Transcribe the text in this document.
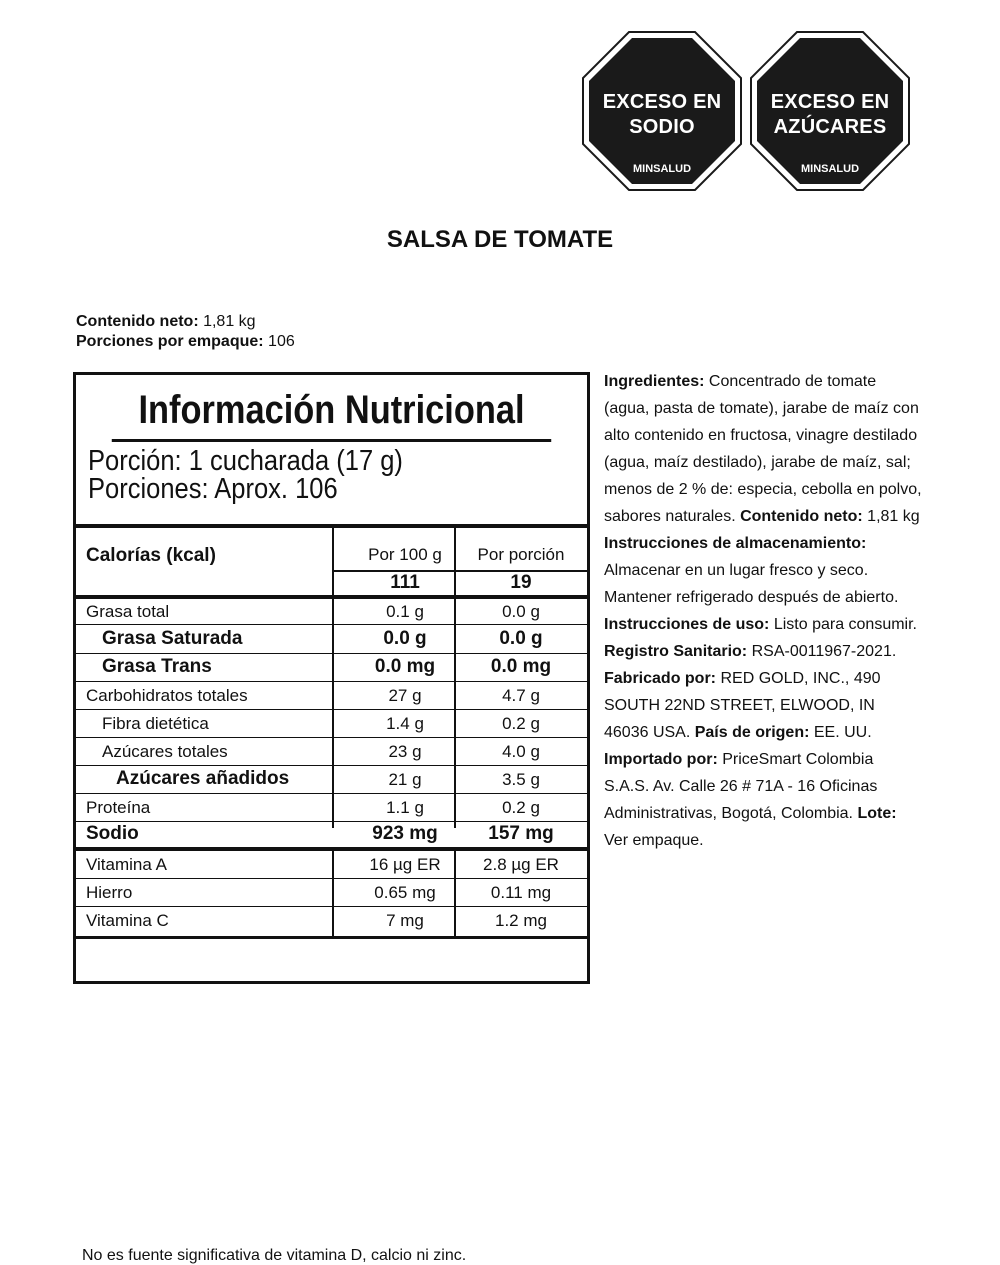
EXCESO EN
SODIO
MINSALUD
EXCESO EN
AZÚCARES
MINSALUD
SALSA DE TOMATE
Contenido neto: 1,81 kg
Porciones por empaque: 106
Información Nutricional
Porción: 1 cucharada (17 g)
Porciones: Aprox. 106
Calorías (kcal)	Por 100 g	Por porción
111	19
Grasa total	0.1 g	0.0 g
Grasa Saturada	0.0 g	0.0 g
Grasa Trans	0.0 mg	0.0 mg
Carbohidratos totales	27 g	4.7 g
Fibra dietética	1.4 g	0.2 g
Azúcares totales	23 g	4.0 g
Azúcares añadidos	21 g	3.5 g
Proteína	1.1 g	0.2 g
Sodio	923 mg	157 mg
Vitamina A	16 µg ER	2.8 µg ER
Hierro	0.65 mg	0.11 mg
Vitamina C	7 mg	1.2 mg
No es fuente significativa de vitamina D, calcio ni zinc.
Ingredientes: Concentrado de tomate (agua, pasta de tomate), jarabe de maíz con alto contenido en fructosa, vinagre destilado (agua, maíz destilado), jarabe de maíz, sal; menos de 2 % de: especia, cebolla en polvo, sabores naturales. Contenido neto: 1,81 kg Instrucciones de almacenamiento: Almacenar en un lugar fresco y seco. Mantener refrigerado después de abierto. Instrucciones de uso: Listo para consumir. Registro Sanitario: RSA-0011967-2021. Fabricado por: RED GOLD, INC., 490 SOUTH 22ND STREET, ELWOOD, IN 46036 USA. País de origen: EE. UU. Importado por: PriceSmart Colombia S.A.S. Av. Calle 26 # 71A - 16 Oficinas Administrativas, Bogotá, Colombia. Lote: Ver empaque.
